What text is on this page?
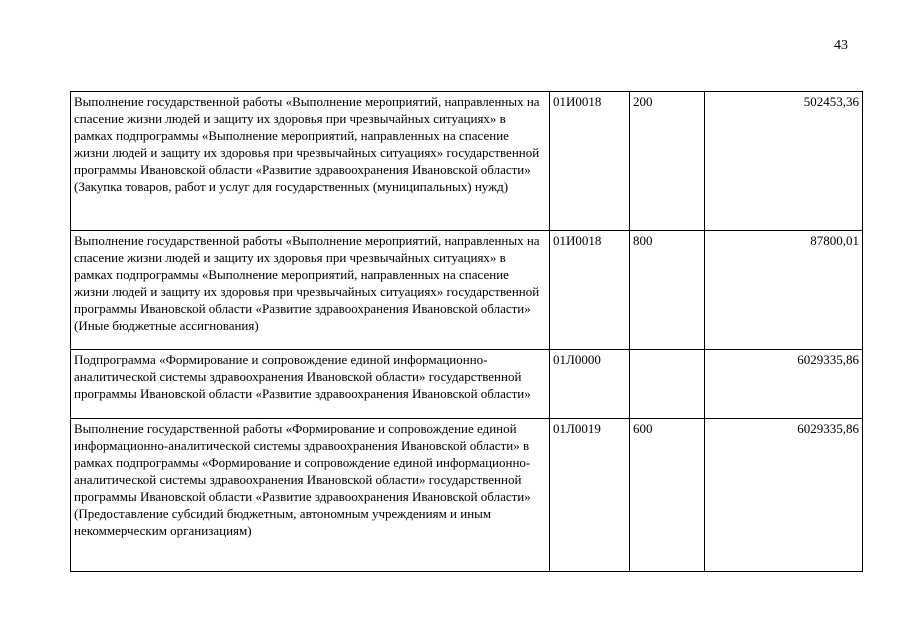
43
Выполнение государственной работы «Выполнение мероприятий, направленных на спасение жизни людей и защиту их здоровья при чрезвычайных ситуациях» в рамках подпрограммы «Выполнение мероприятий, направленных на спасение жизни людей и защиту их здоровья при чрезвычайных ситуациях» государственной программы Ивановской области «Развитие здравоохранения Ивановской области» (Закупка товаров, работ и услуг для государственных (муниципальных) нужд)	01И0018	200	502453,36
Выполнение государственной работы «Выполнение мероприятий, направленных на спасение жизни людей и защиту их здоровья при чрезвычайных ситуациях» в рамках подпрограммы «Выполнение мероприятий, направленных на спасение жизни людей и защиту их здоровья при чрезвычайных ситуациях» государственной программы Ивановской области «Развитие здравоохранения Ивановской области» (Иные бюджетные ассигнования)	01И0018	800	87800,01
Подпрограмма «Формирование и сопровождение единой информационно-аналитической системы здравоохранения Ивановской области» государственной программы Ивановской области «Развитие здравоохранения Ивановской области»	01Л0000		6029335,86
Выполнение государственной работы «Формирование и сопровождение единой информационно-аналитической системы здравоохранения Ивановской области» в рамках подпрограммы «Формирование и сопровождение единой информационно-аналитической системы здравоохранения Ивановской области» государственной программы Ивановской области «Развитие здравоохранения Ивановской области» (Предоставление субсидий бюджетным, автономным учреждениям и иным некоммерческим организациям)	01Л0019	600	6029335,86
